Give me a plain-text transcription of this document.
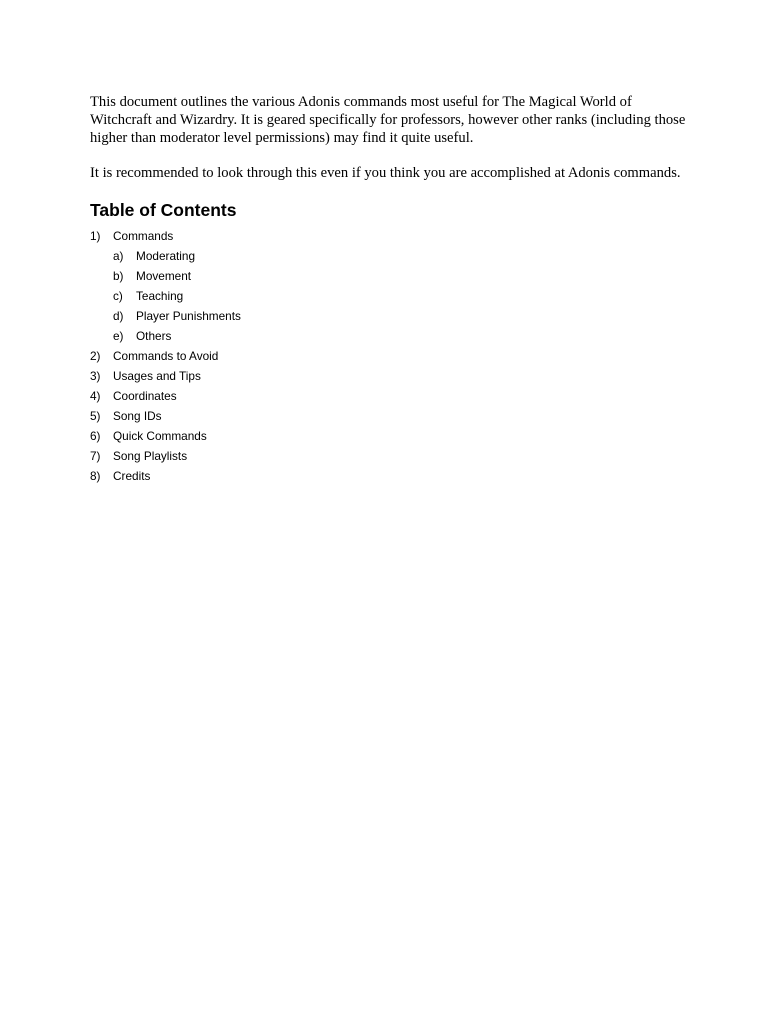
This document outlines the various Adonis commands most useful for The Magical World of Witchcraft and Wizardry. It is geared specifically for professors, however other ranks (including those higher than moderator level permissions) may find it quite useful.

It is recommended to look through this even if you think you are accomplished at Adonis commands.

Table of Contents
1)	Commands
a)	Moderating
b)	Movement
c)	Teaching
d)	Player Punishments
e)	Others
2)	Commands to Avoid
3)	Usages and Tips
4)	Coordinates
5)	Song IDs
6)	Quick Commands
7)	Song Playlists
8)	Credits
